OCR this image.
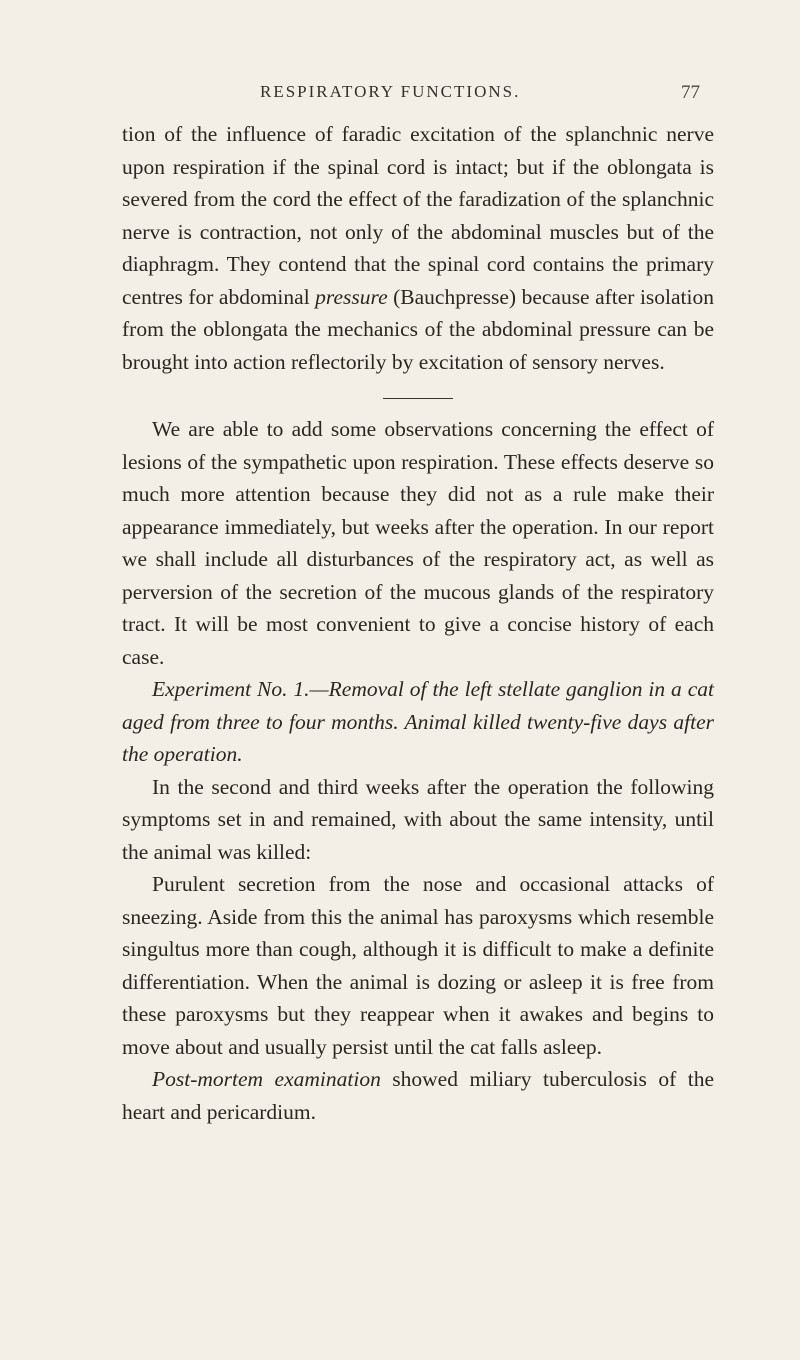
RESPIRATORY FUNCTIONS.	77

tion of the influence of faradic excitation of the splanchnic nerve upon respiration if the spinal cord is intact; but if the oblongata is severed from the cord the effect of the faradization of the splanchnic nerve is contraction, not only of the abdominal muscles but of the diaphragm. They contend that the spinal cord contains the primary centres for abdominal pressure (Bauchpresse) because after isolation from the oblongata the mechanics of the abdominal pressure can be brought into action reflectorily by excitation of sensory nerves.

We are able to add some observations concerning the effect of lesions of the sympathetic upon respiration. These effects deserve so much more attention because they did not as a rule make their appearance immediately, but weeks after the operation. In our report we shall include all disturbances of the respiratory act, as well as perversion of the secretion of the mucous glands of the respiratory tract. It will be most convenient to give a concise history of each case.

Experiment No. 1.—Removal of the left stellate ganglion in a cat aged from three to four months. Animal killed twenty-five days after the operation.

In the second and third weeks after the operation the following symptoms set in and remained, with about the same intensity, until the animal was killed:

Purulent secretion from the nose and occasional attacks of sneezing. Aside from this the animal has paroxysms which resemble singultus more than cough, although it is difficult to make a definite differentiation. When the animal is dozing or asleep it is free from these paroxysms but they reappear when it awakes and begins to move about and usually persist until the cat falls asleep.

Post-mortem examination showed miliary tuberculosis of the heart and pericardium.
